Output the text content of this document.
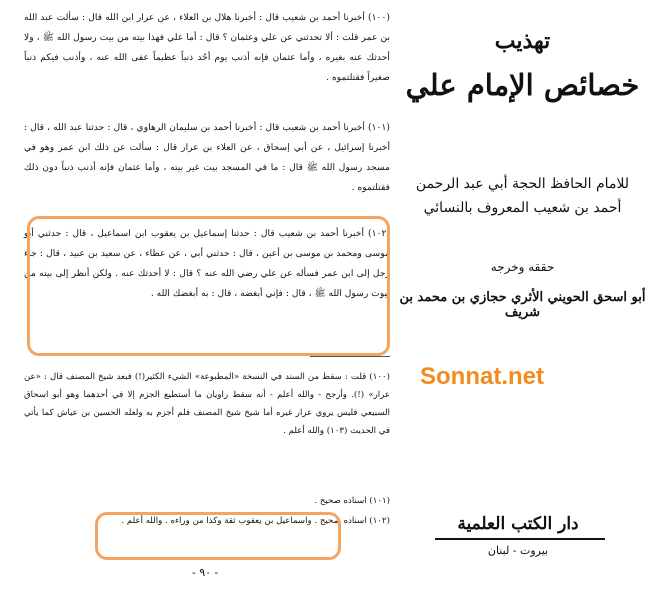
(١٠٠) أخبرنا أحمد بن شعيب قال : أخبرنا هلال بن العلاء ، عن عرار ابن الله قال : سألت عبد الله بن عمر قلت : ألا تحدثني عن علي وعثمان ؟ قال : أما علي فهذا بيته من بيت رسول الله ﷺ ، ولا أحدثك عنه بغيره ، وأما عثمان فإنه أذنب يوم أحُد ذنباً عظيماً عفى الله عنه ، وأذنب فيكم ذنباً صغيراً فقتلتموه .

(١٠١) أخبرنا أحمد بن شعيب قال : أخبرنا أحمد بن سليمان الرهاوي ، قال : حدثنا عبد الله ، قال : أخبرنا إسرائيل ، عن أبي إسحاق ، عن العلاء بن عرار قال : سألت عن ذلك ابن عمر وهو في مسجد رسول الله ﷺ قال : ما في المسجد بيت غير بيته ، وأما عثمان فإنه أذنب ذنباً دون ذلك فقتلتموه .

(١٠٢) أخبرنا أحمد بن شعيب قال : حدثنا إسماعيل بن يعقوب ابن اسماعيل ، قال : حدثني أبو موسى ومحمد بن موسى بن أعين ، قال : حدثني أبي ، عن عطاء ، عن سعيد بن عبيد ، قال : جاء رجل إلى ابن عمر فسأله عن علي رضي الله عنه ؟ قال : لا أحدثك عنه . ولكن أنظر إلى بيته من بيوت رسول الله ﷺ ، قال : فإني أبغضه ، قال : به أبغضك الله .

(١٠٠) قلت : سقط من السند في النسخة «المطبوعة» الشيء الكثير(!) فبعد شيخ المصنف قال : «عن عرار» (!). وأرجح - والله أعلم - أنه سقط راويان ما أستطيع الجزم إلا في أحدهما وهو أبو اسحاق السبيعي فليس يروي عرار غيره أما شيخ شيخ المصنف فلم أجزم به ولعله الحسين بن عياش كما يأتي في الحديث (١٠٣) والله أعلم .

(١٠١) اسناده صحيح .

(١٠٢) اسناده صحيح . واسماعيل بن يعقوب ثقة وكذا من وراءه . والله أعلم .

- ٩٠ -
تهذيب
خصائص الإمام علي
للامام الحافظ الحجة أبي عبد الرحمن
أحمد بن شعيب المعروف بالنسائي
حققه وخرجه
أبو اسحق الحويني الأثري حجازي بن محمد بن شريف
دار الكتب العلمية
بيروت - لبنان
Sonnat.net
